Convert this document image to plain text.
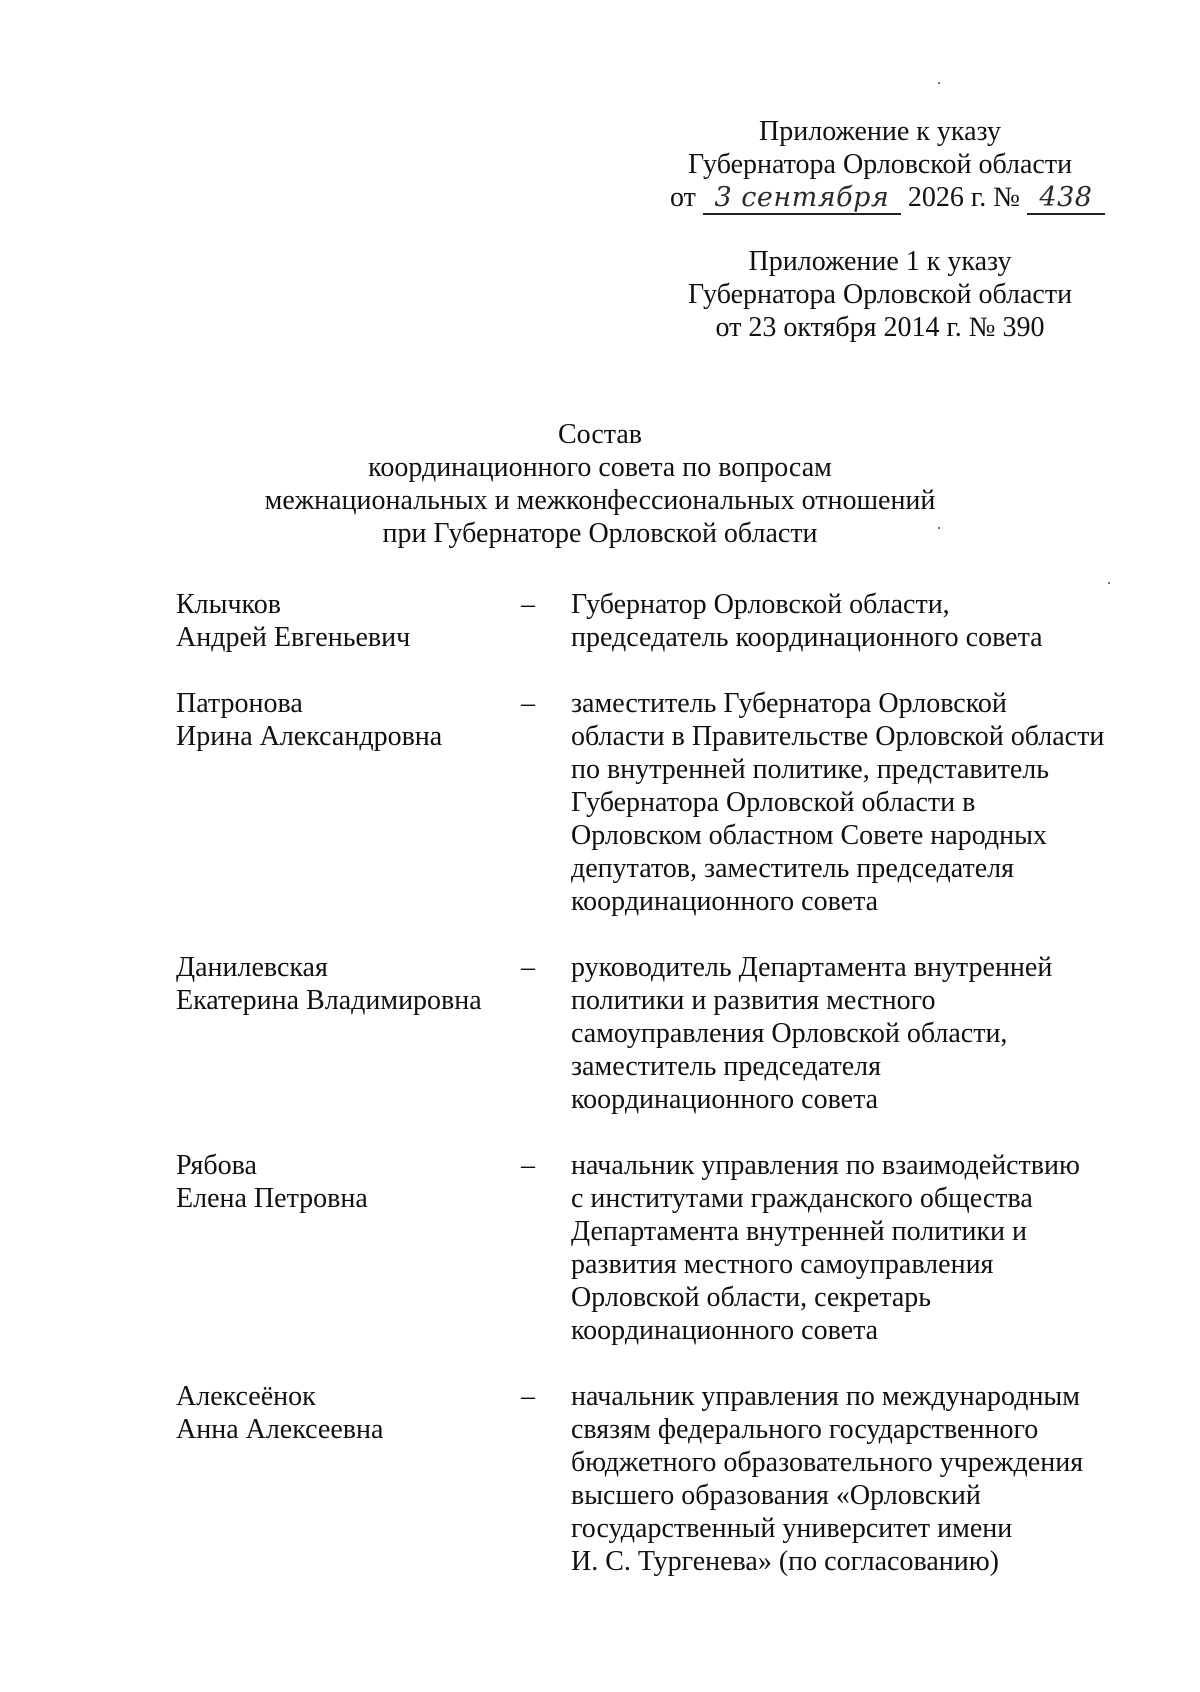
Приложение к указу
Губернатора Орловской области
от 3 сентября 2026 г. № 438
Приложение 1 к указу
Губернатора Орловской области
от 23 октября 2014 г. № 390
Состав
координационного совета по вопросам
межнациональных и межконфессиональных отношений
при Губернаторе Орловской области
Клычков
Андрей Евгеньевич
–	Губернатор Орловской области,
председатель координационного совета
Патронова
Ирина Александровна
–	заместитель Губернатора Орловской
области в Правительстве Орловской области
по внутренней политике, представитель
Губернатора Орловской области в
Орловском областном Совете народных
депутатов, заместитель председателя
координационного совета
Данилевская
Екатерина Владимировна
–	руководитель Департамента внутренней
политики и развития местного
самоуправления Орловской области,
заместитель председателя
координационного совета
Рябова
Елена Петровна
–	начальник управления по взаимодействию
с институтами гражданского общества
Департамента внутренней политики и
развития местного самоуправления
Орловской области, секретарь
координационного совета
Алексеёнок
Анна Алексеевна
–	начальник управления по международным
связям федерального государственного
бюджетного образовательного учреждения
высшего образования «Орловский
государственный университет имени
И. С. Тургенева» (по согласованию)
